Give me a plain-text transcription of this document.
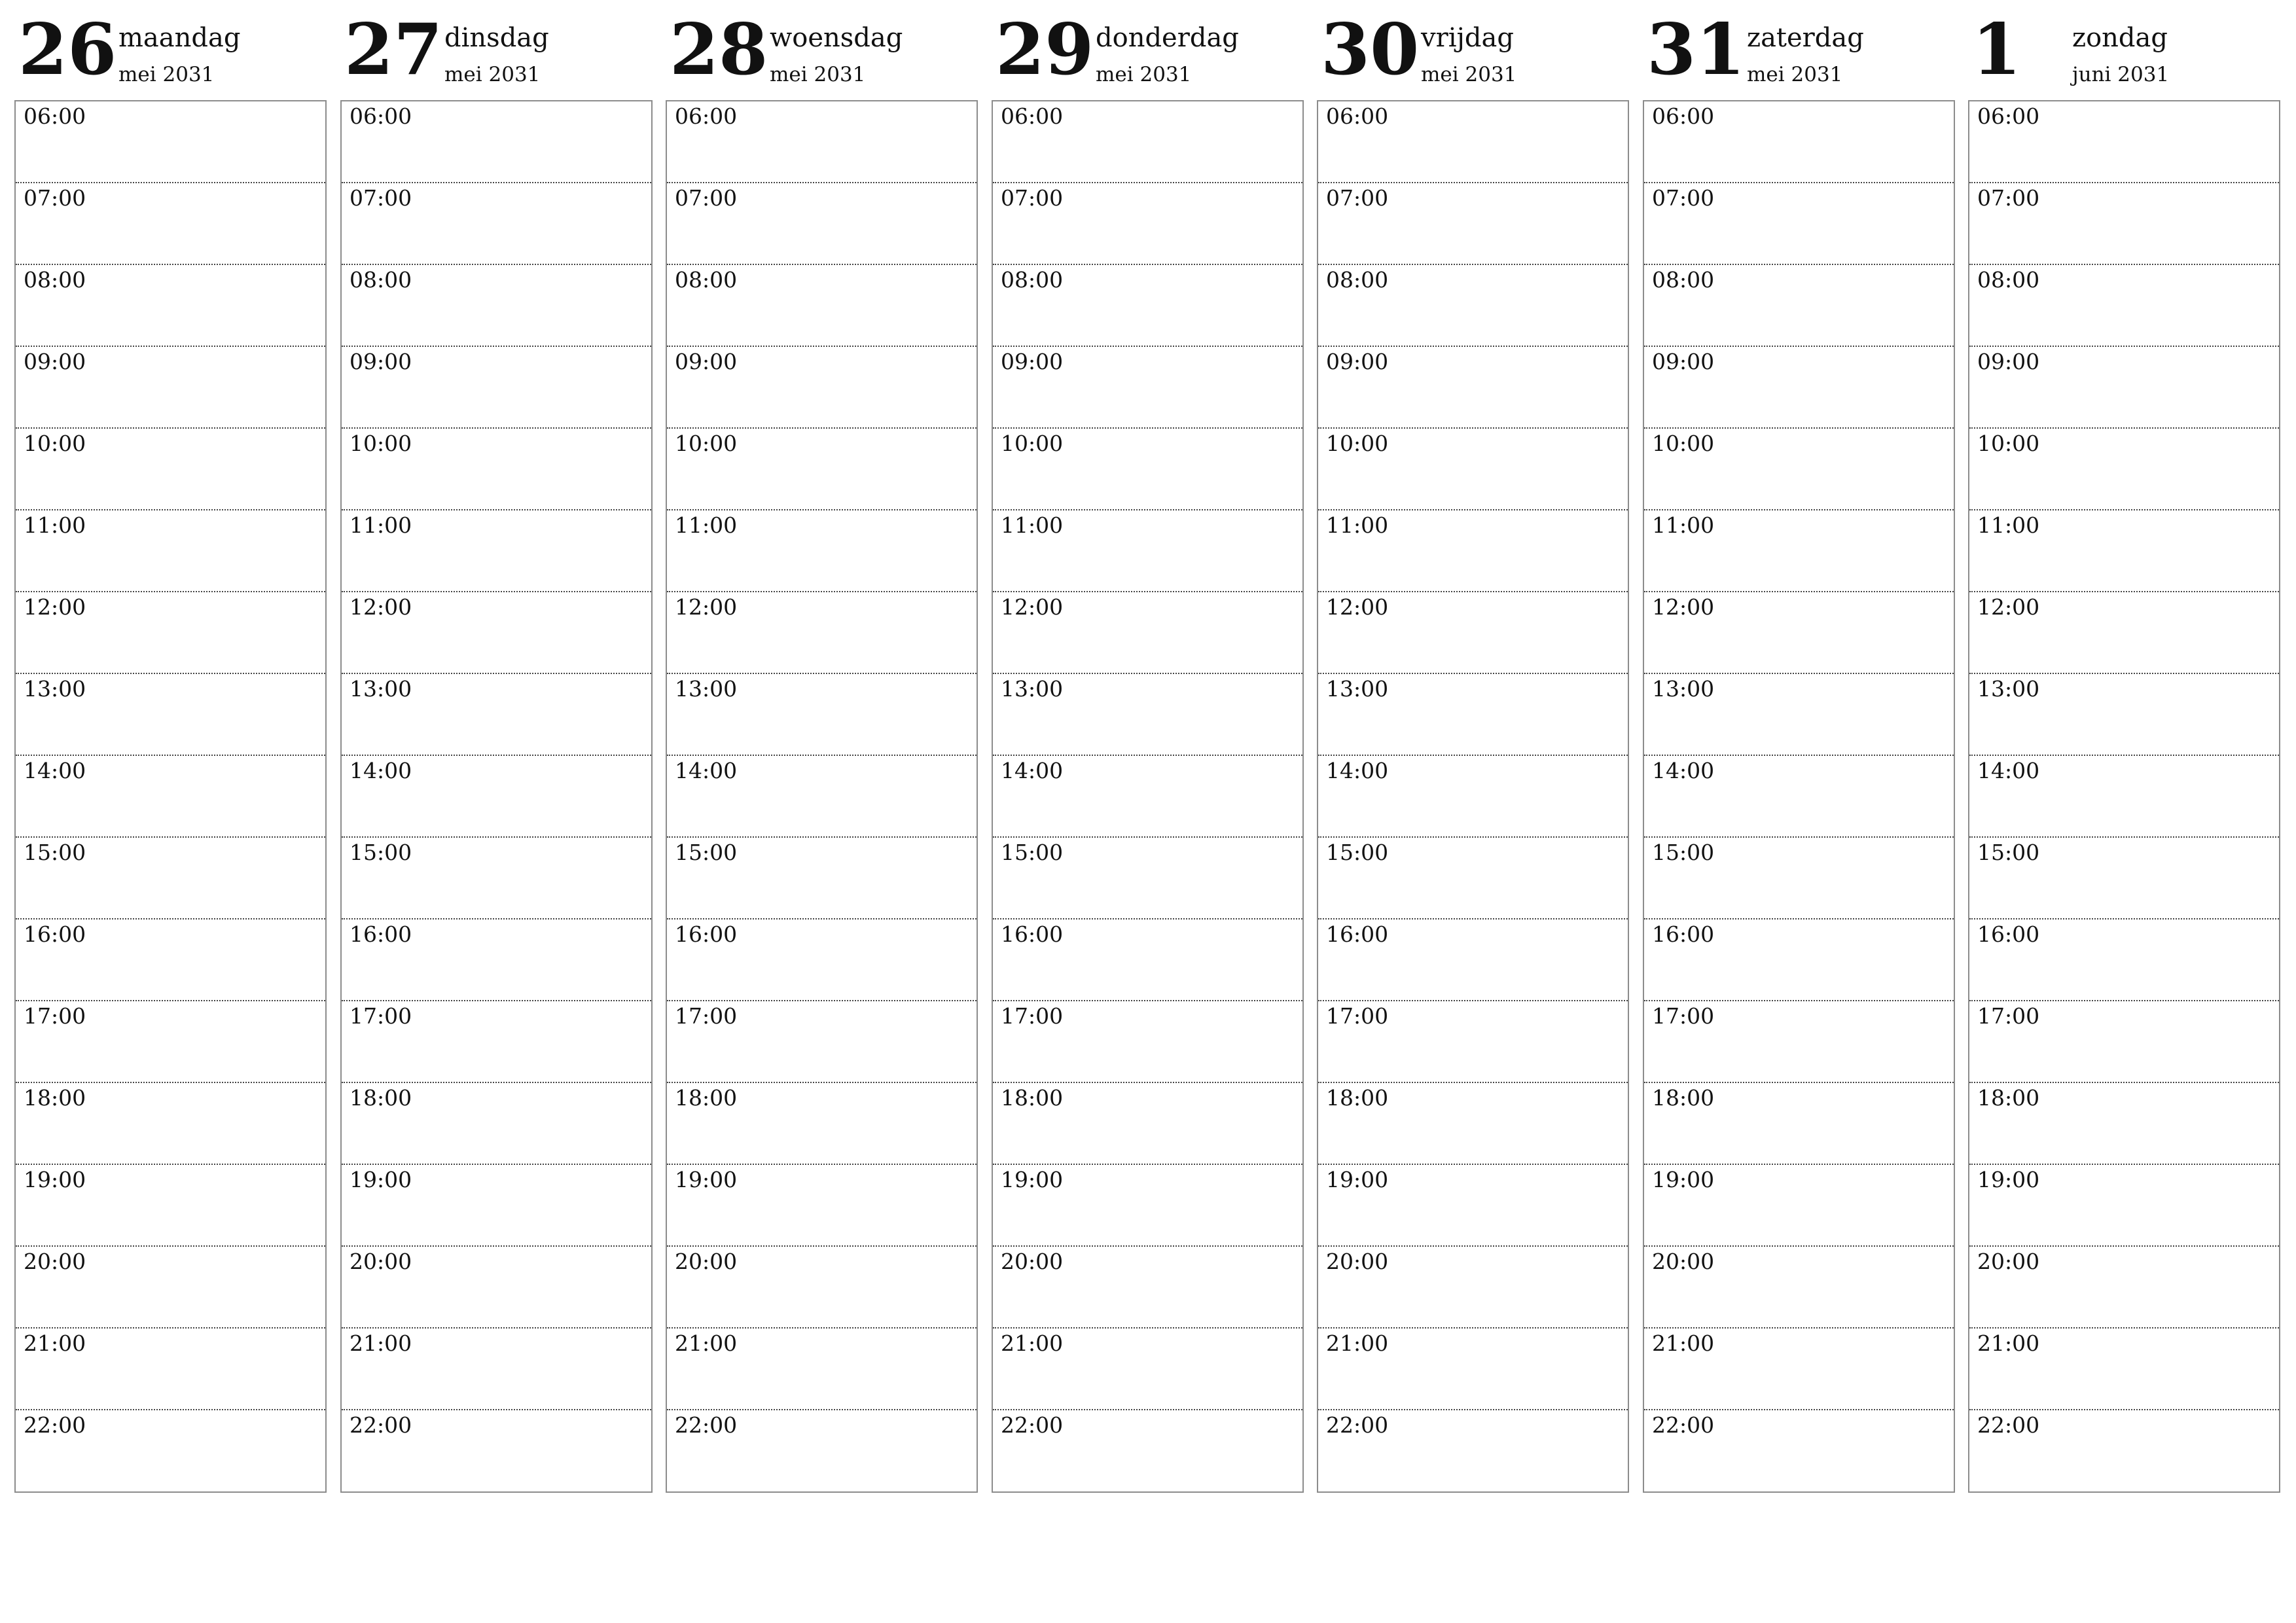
26 maandag
mei 2031
06:00
07:00
08:00
09:00
10:00
11:00
12:00
13:00
14:00
15:00
16:00
17:00
18:00
19:00
20:00
21:00
22:00
27 dinsdag
mei 2031
06:00
07:00
08:00
09:00
10:00
11:00
12:00
13:00
14:00
15:00
16:00
17:00
18:00
19:00
20:00
21:00
22:00
28 woensdag
mei 2031
06:00
07:00
08:00
09:00
10:00
11:00
12:00
13:00
14:00
15:00
16:00
17:00
18:00
19:00
20:00
21:00
22:00
29 donderdag
mei 2031
06:00
07:00
08:00
09:00
10:00
11:00
12:00
13:00
14:00
15:00
16:00
17:00
18:00
19:00
20:00
21:00
22:00
30 vrijdag
mei 2031
06:00
07:00
08:00
09:00
10:00
11:00
12:00
13:00
14:00
15:00
16:00
17:00
18:00
19:00
20:00
21:00
22:00
31 zaterdag
mei 2031
06:00
07:00
08:00
09:00
10:00
11:00
12:00
13:00
14:00
15:00
16:00
17:00
18:00
19:00
20:00
21:00
22:00
1 zondag
juni 2031
06:00
07:00
08:00
09:00
10:00
11:00
12:00
13:00
14:00
15:00
16:00
17:00
18:00
19:00
20:00
21:00
22:00
